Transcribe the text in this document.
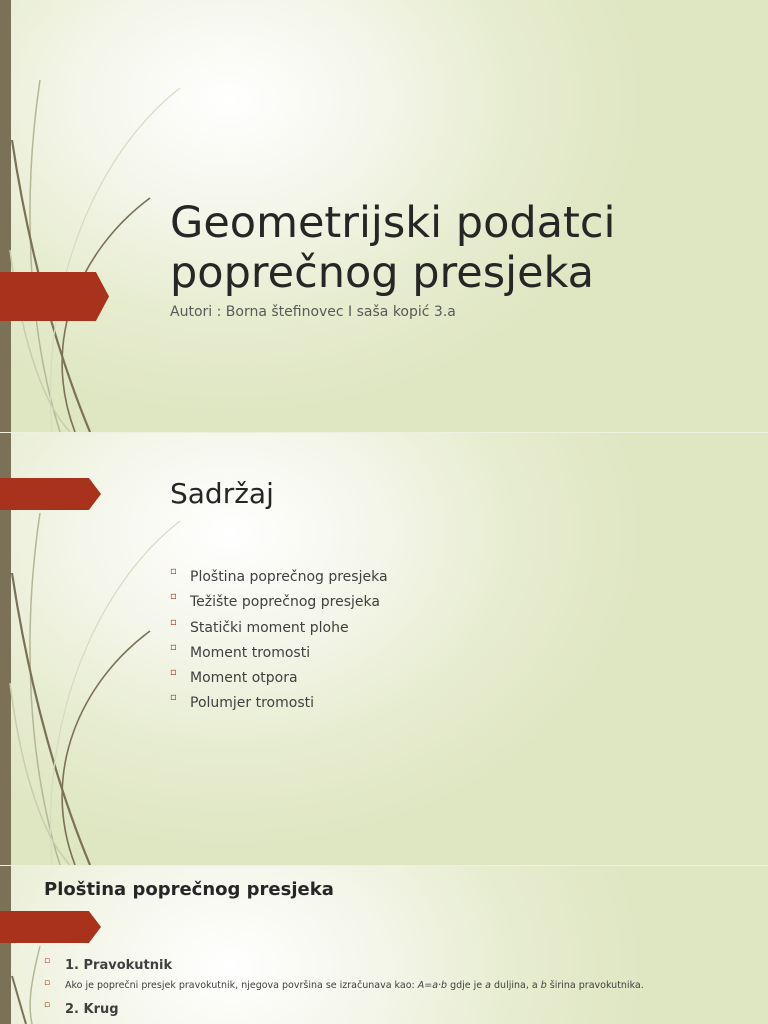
Geometrijski podatci
poprečnog presjeka
Autori : Borna štefinovec I saša kopić 3.a
Sadržaj
▫ Ploština poprečnog presjeka
▫ Težište poprečnog presjeka
▫ Statički moment plohe
▫ Moment tromosti
▫ Moment otpora
▫ Polumjer tromosti
Ploština poprečnog presjeka
▫ 1. Pravokutnik
▫ Ako je poprečni presjek pravokutnik, njegova površina se izračunava kao: A=a·b gdje je a duljina, a b širina pravokutnika.
▫ 2. Krug
